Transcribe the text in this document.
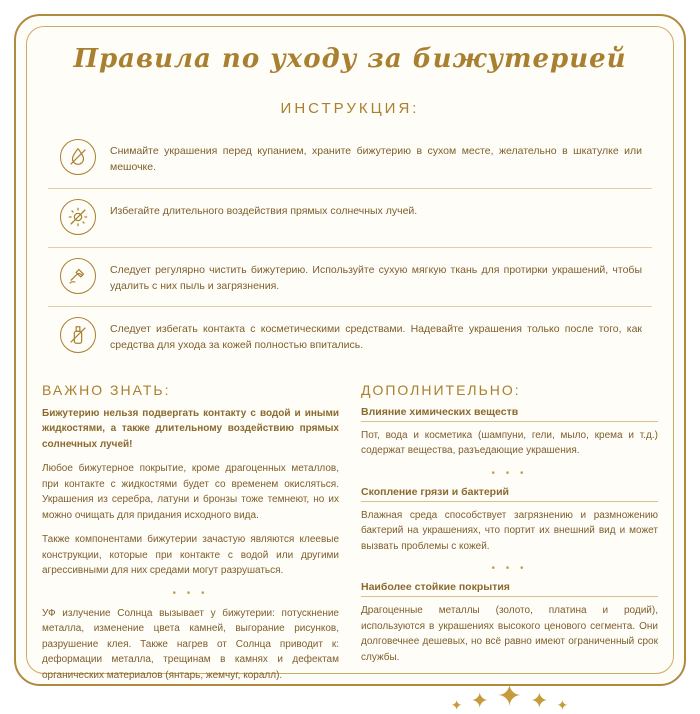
Правила по уходу за бижутерией
ИНСТРУКЦИЯ:
Снимайте украшения перед купанием, храните бижутерию в сухом месте, желательно в шкатулке или мешочке.
Избегайте длительного воздействия прямых солнечных лучей.
Следует регулярно чистить бижутерию. Используйте сухую мягкую ткань для протирки украшений, чтобы удалить с них пыль и загрязнения.
Следует избегать контакта с косметическими средствами. Надевайте украшения только после того, как средства для ухода за кожей полностью впитались.
ВАЖНО ЗНАТЬ:

Бижутерию нельзя подвергать контакту с водой и иными жидкостями, а также длительному воздействию прямых солнечных лучей!

Любое бижутерное покрытие, кроме драгоценных металлов, при контакте с жидкостями будет со временем окисляться. Украшения из серебра, латуни и бронзы тоже темнеют, но их можно очищать для придания исходного вида.

Также компонентами бижутерии зачастую являются клеевые конструкции, которые при контакте с водой или другими агрессивными для них средами могут разрушаться.

• • •

УФ излучение Солнца вызывает у бижутерии: потускнение металла, изменение цвета камней, выгорание рисунков, разрушение клея. Также нагрев от Солнца приводит к: деформации металла, трещинам в камнях и дефектам органических материалов (янтарь, жемчуг, коралл).

ДОПОЛНИТЕЛЬНО:
Влияние химических веществ

Пот, вода и косметика (шампуни, гели, мыло, крема и т.д.) содержат вещества, разъедающие украшения.

• • •
Скопление грязи и бактерий

Влажная среда способствует загрязнению и размножению бактерий на украшениях, что портит их внешний вид и может вызвать проблемы с кожей.

• • •
Наиболее стойкие покрытия

Драгоценные металлы (золото, платина и родий), используются в украшениях высокого ценового сегмента. Они долговечнее дешевых, но всё равно имеют ограниченный срок службы.

✦ ✦ ✦ ✦ ✦
